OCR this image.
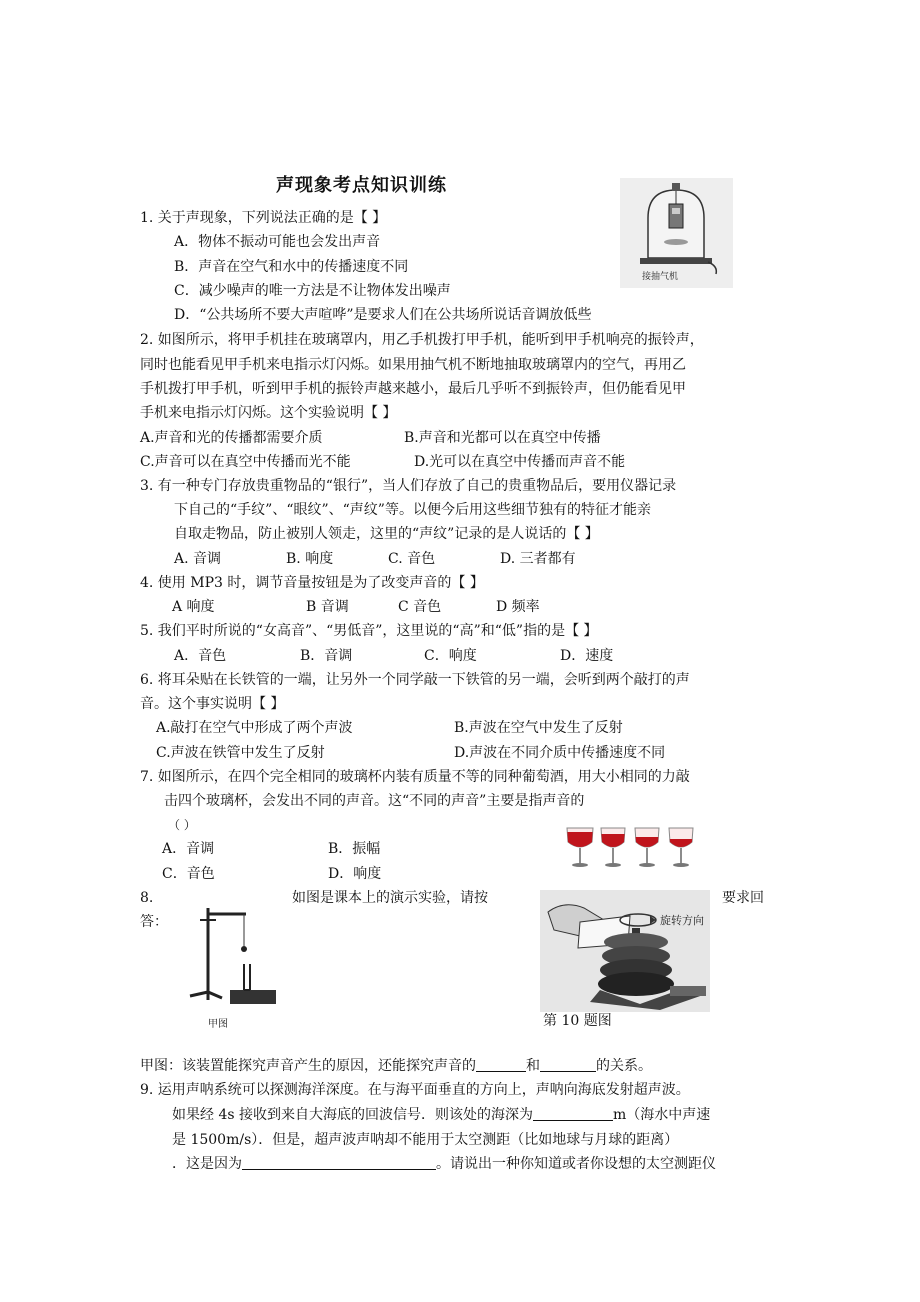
声现象考点知识训练
接抽气机
1. 关于声现象，下列说法正确的是【 】
A．物体不振动可能也会发出声音
B．声音在空气和水中的传播速度不同
C．减少噪声的唯一方法是不让物体发出噪声
D．“公共场所不要大声喧哗”是要求人们在公共场所说话音调放低些
2. 如图所示，将甲手机挂在玻璃罩内，用乙手机拨打甲手机，能听到甲手机响亮的振铃声，
同时也能看见甲手机来电指示灯闪烁。如果用抽气机不断地抽取玻璃罩内的空气，再用乙
手机拨打甲手机，听到甲手机的振铃声越来越小，最后几乎听不到振铃声，但仍能看见甲
手机来电指示灯闪烁。这个实验说明【 】
A.声音和光的传播都需要介质	B.声音和光都可以在真空中传播
C.声音可以在真空中传播而光不能	D.光可以在真空中传播而声音不能
3. 有一种专门存放贵重物品的“银行”，当人们存放了自己的贵重物品后，要用仪器记录
下自己的“手纹”、“眼纹”、“声纹”等。以便今后用这些细节独有的特征才能亲
自取走物品，防止被别人领走，这里的“声纹”记录的是人说话的【 】
A. 音调	B. 响度	C. 音色	D. 三者都有
4. 使用 MP3 时，调节音量按钮是为了改变声音的【 】
A 响度	B 音调	C 音色	D 频率
5. 我们平时所说的“女高音”、“男低音”，这里说的“高”和“低”指的是【 】
A．音色	B．音调	C．响度	D．速度
6. 将耳朵贴在长铁管的一端，让另外一个同学敲一下铁管的另一端，会听到两个敲打的声
音。这个事实说明【 】
A.敲打在空气中形成了两个声波	B.声波在空气中发生了反射
C.声波在铁管中发生了反射	D.声波在不同介质中传播速度不同
7. 如图所示，在四个完全相同的玻璃杯内装有质量不等的同种葡萄酒，用大小相同的力敲
击四个玻璃杯，会发出不同的声音。这“不同的声音”主要是指声音的
（ ）
A．音调	B．振幅
C．音色	D．响度
8.	如图是课本上的演示实验，请按	要求回
答：
甲图
旋转方向
第 10 题图
甲图：该装置能探究声音产生的原因，还能探究声音的	和	的关系。
9. 运用声呐系统可以探测海洋深度。在与海平面垂直的方向上，声呐向海底发射超声波。
如果经 4s 接收到来自大海底的回波信号．则该处的海深为	m（海水中声速
是 1500m/s）．但是，超声波声呐却不能用于太空测距（比如地球与月球的距离）
．这是因为	。请说出一种你知道或者你设想的太空测距仪
